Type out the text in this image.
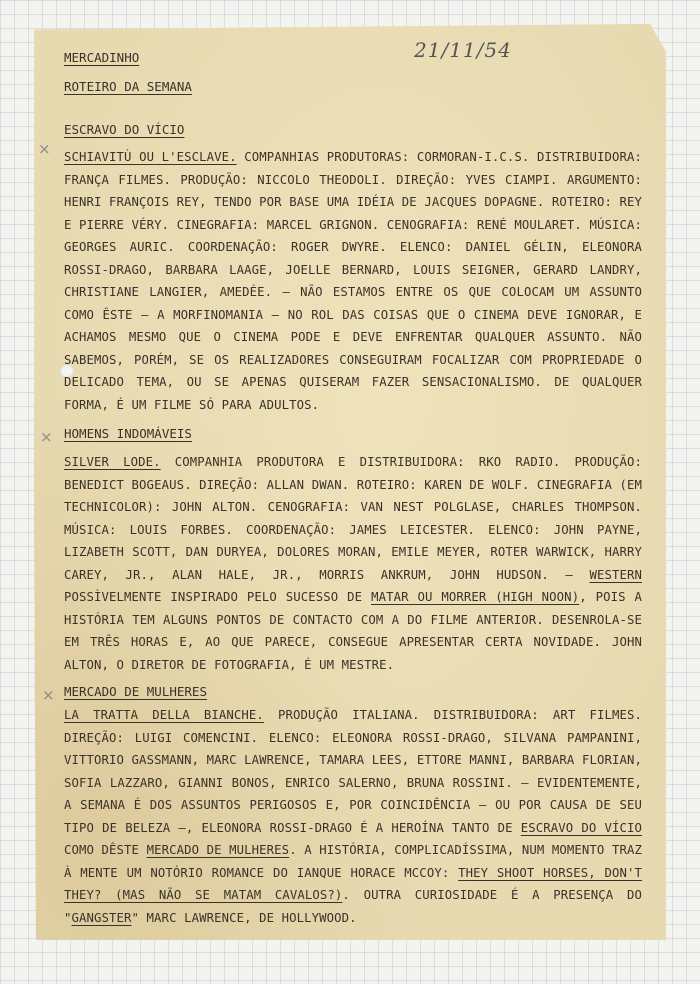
×
×
×
21/11/54
MERCADINHO
ROTEIRO DA SEMANA
ESCRAVO DO VÍCIO

SCHIAVITÙ OU L'ESCLAVE. COMPANHIAS PRODUTORAS: CORMORAN-I.C.S. DISTRIBUIDORA: FRANÇA FILMES. PRODUÇÃO: NICCOLO THEODOLI. DIREÇÃO: YVES CIAMPI. ARGUMENTO: HENRI FRANÇOIS REY, TENDO POR BASE UMA IDÉIA DE JACQUES DOPAGNE. ROTEIRO: REY E PIERRE VÉRY. CINEGRAFIA: MARCEL GRIGNON. CENOGRAFIA: RENÉ MOULARET. MÚSICA: GEORGES AURIC. COORDENAÇÃO: ROGER DWYRE. ELENCO: DANIEL GÉLIN, ELEONORA ROSSI-DRAGO, BARBARA LAAGE, JOELLE BERNARD, LOUIS SEIGNER, GERARD LANDRY, CHRISTIANE LANGIER, AMEDÉE. — NÃO ESTAMOS ENTRE OS QUE COLOCAM UM ASSUNTO COMO ÊSTE — A MORFINOMANIA — NO ROL DAS COISAS QUE O CINEMA DEVE IGNORAR, E ACHAMOS MESMO QUE O CINEMA PODE E DEVE ENFRENTAR QUALQUER ASSUNTO. NÃO SABEMOS, PORÉM, SE OS REALIZADORES CONSEGUIRAM FOCALIZAR COM PROPRIEDADE O DELICADO TEMA, OU SE APENAS QUISERAM FAZER SENSACIONALISMO. DE QUALQUER FORMA, É UM FILME SÓ PARA ADULTOS.

HOMENS INDOMÁVEIS

SILVER LODE. COMPANHIA PRODUTORA E DISTRIBUIDORA: RKO RADIO. PRODUÇÃO: BENEDICT BOGEAUS. DIREÇÃO: ALLAN DWAN. ROTEIRO: KAREN DE WOLF. CINEGRAFIA (EM TECHNICOLOR): JOHN ALTON. CENOGRAFIA: VAN NEST POLGLASE, CHARLES THOMPSON. MÚSICA: LOUIS FORBES. COORDENAÇÃO: JAMES LEICESTER. ELENCO: JOHN PAYNE, LIZABETH SCOTT, DAN DURYEA, DOLORES MORAN, EMILE MEYER, ROTER WARWICK, HARRY CAREY, JR., ALAN HALE, JR., MORRIS ANKRUM, JOHN HUDSON. — WESTERN POSSÌVELMENTE INSPIRADO PELO SUCESSO DE MATAR OU MORRER (HIGH NOON), POIS A HISTÓRIA TEM ALGUNS PONTOS DE CONTACTO COM A DO FILME ANTERIOR. DESENROLA-SE EM TRÊS HORAS E, AO QUE PARECE, CONSEGUE APRESENTAR CERTA NOVIDADE. JOHN ALTON, O DIRETOR DE FOTOGRAFIA, É UM MESTRE.

MERCADO DE MULHERES

LA TRATTA DELLA BIANCHE. PRODUÇÃO ITALIANA. DISTRIBUIDORA: ART FILMES. DIREÇÃO: LUIGI COMENCINI. ELENCO: ELEONORA ROSSI-DRAGO, SILVANA PAMPANINI, VITTORIO GASSMANN, MARC LAWRENCE, TAMARA LEES, ETTORE MANNI, BARBARA FLORIAN, SOFIA LAZZARO, GIANNI BONOS, ENRICO SALERNO, BRUNA ROSSINI. — EVIDENTEMENTE, A SEMANA É DOS ASSUNTOS PERIGOSOS E, POR COINCIDÊNCIA — OU POR CAUSA DE SEU TIPO DE BELEZA —, ELEONORA ROSSI-DRAGO É A HEROÍNA TANTO DE ESCRAVO DO VÍCIO COMO DÊSTE MERCADO DE MULHERES. A HISTÓRIA, COMPLICADÍSSIMA, NUM MOMENTO TRAZ À MENTE UM NOTÓRIO ROMANCE DO IANQUE HORACE MCCOY: THEY SHOOT HORSES, DON'T THEY? (MAS NÃO SE MATAM CAVALOS?). OUTRA CURIOSIDADE É A PRESENÇA DO "GANGSTER" MARC LAWRENCE, DE HOLLYWOOD.
